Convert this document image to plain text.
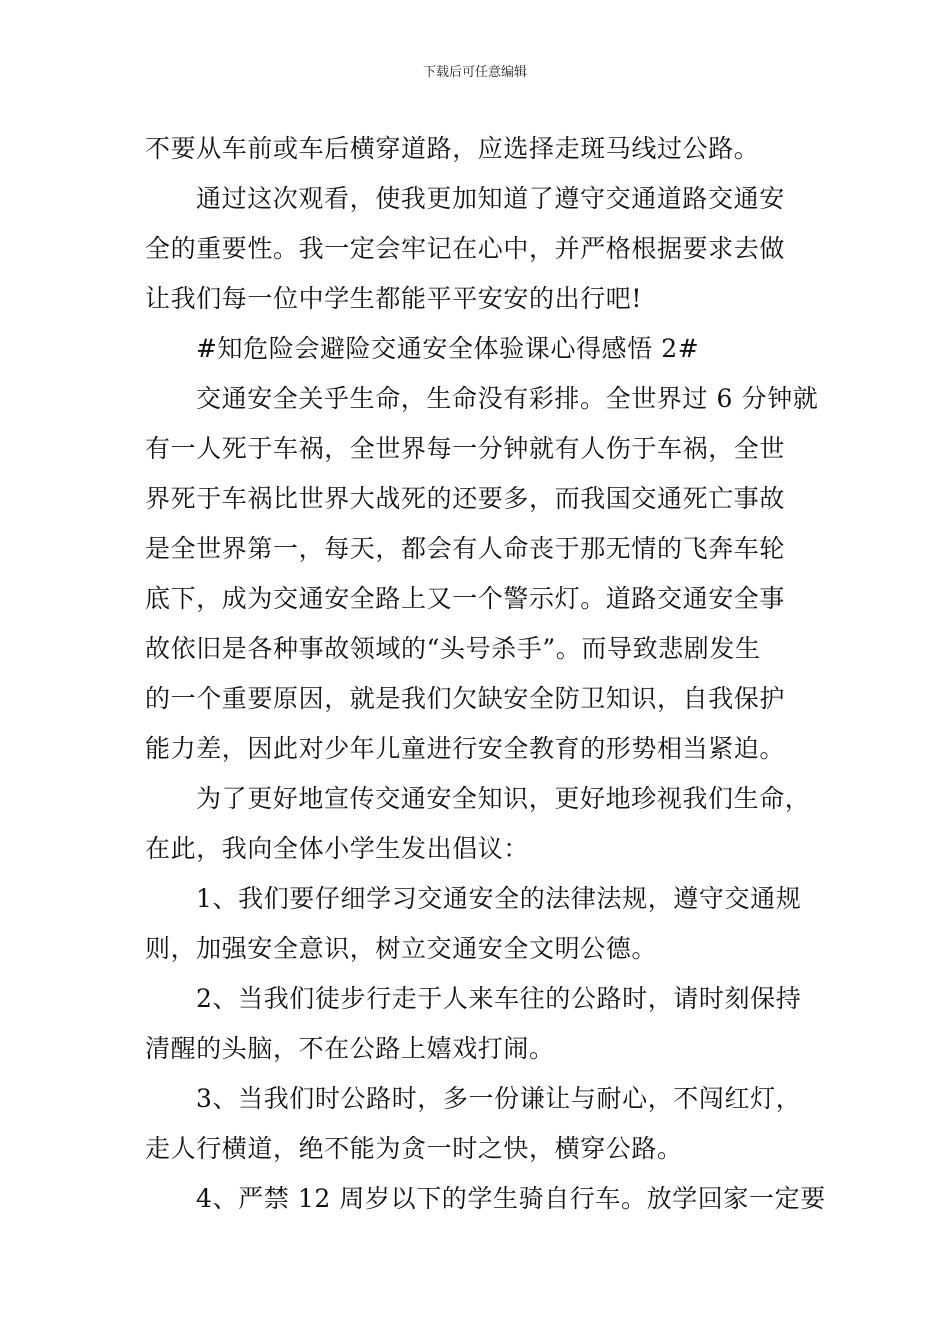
下载后可任意编辑
不要从车前或车后横穿道路，应选择走斑马线过公路。
通过这次观看，使我更加知道了遵守交通道路交通安
全的重要性。我一定会牢记在心中，并严格根据要求去做
让我们每一位中学生都能平平安安的出行吧!
#知危险会避险交通安全体验课心得感悟 2#
交通安全关乎生命，生命没有彩排。全世界过 6 分钟就
有一人死于车祸，全世界每一分钟就有人伤于车祸，全世
界死于车祸比世界大战死的还要多，而我国交通死亡事故
是全世界第一，每天，都会有人命丧于那无情的飞奔车轮
底下，成为交通安全路上又一个警示灯。道路交通安全事
故依旧是各种事故领域的“头号杀手”。而导致悲剧发生
的一个重要原因，就是我们欠缺安全防卫知识，自我保护
能力差，因此对少年儿童进行安全教育的形势相当紧迫。
为了更好地宣传交通安全知识，更好地珍视我们生命，
在此，我向全体小学生发出倡议：
1、我们要仔细学习交通安全的法律法规，遵守交通规
则，加强安全意识，树立交通安全文明公德。
2、当我们徒步行走于人来车往的公路时，请时刻保持
清醒的头脑，不在公路上嬉戏打闹。
3、当我们时公路时，多一份谦让与耐心，不闯红灯，
走人行横道，绝不能为贪一时之快，横穿公路。
4、严禁 12 周岁以下的学生骑自行车。放学回家一定要
